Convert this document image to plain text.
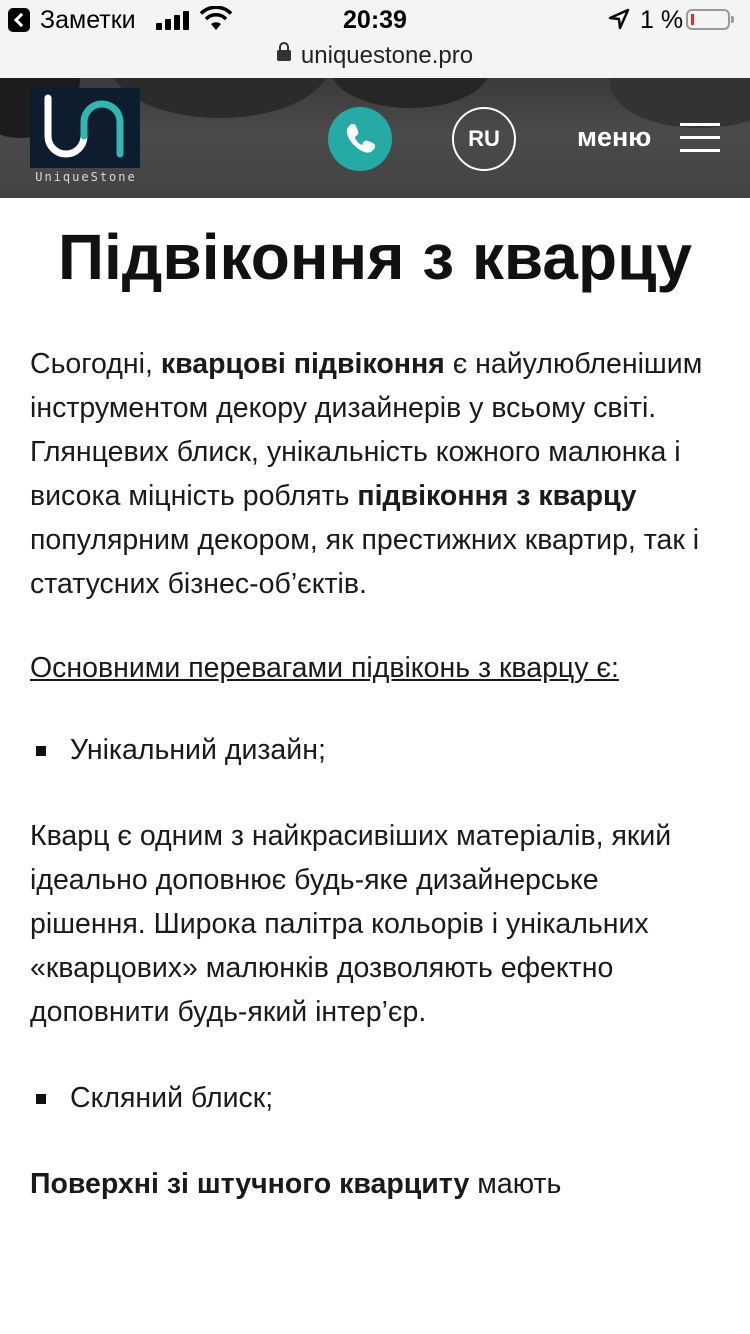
Заметки	20:39	1 %
uniquestone.pro
UniqueStone
RU	меню
Підвіконня з кварцу

Сьогодні, кварцові підвіконня є найулюбленішим інструментом декору дизайнерів у всьому світі. Глянцевих блиск, унікальність кожного малюнка і висока міцність роблять підвіконня з кварцу популярним декором, як престижних квартир, так і статусних бізнес-об’єктів.

Основними перевагами підвіконь з кварцу є:

Унікальний дизайн;

Кварц є одним з найкрасивіших матеріалів, який ідеально доповнює будь-яке дизайнерське рішення. Широка палітра кольорів і унікальних «кварцових» малюнків дозволяють ефектно доповнити будь-який інтер’єр.

Скляний блиск;

Поверхні зі штучного кварциту мають
